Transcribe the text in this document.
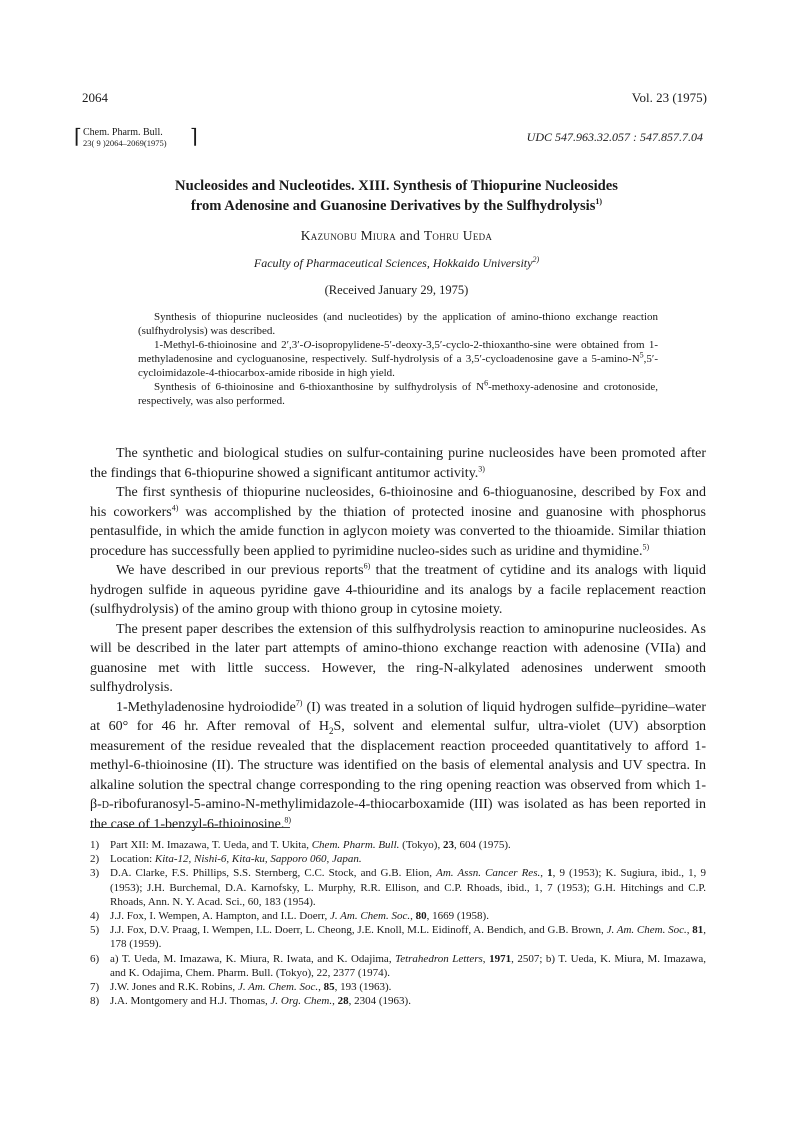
2064	Vol. 23 (1975)
⌈ Chem. Pharm. Bull.
23( 9 )2064–2069(1975) ⌉	UDC 547.963.32.057 : 547.857.7.04
Nucleosides and Nucleotides. XIII. Synthesis of Thiopurine Nucleosides
from Adenosine and Guanosine Derivatives by the Sulfhydrolysis$^{1)}$
Kazunobu Miura and Tohru Ueda
Faculty of Pharmaceutical Sciences, Hokkaido University$^{2)}$
(Received January 29, 1975)

Synthesis of thiopurine nucleosides (and nucleotides) by the application of amino-thiono exchange reaction (sulfhydrolysis) was described.

1-Methyl-6-thioinosine and 2′,3′-O-isopropylidene-5′-deoxy-3,5′-cyclo-2-thioxantho-sine were obtained from 1-methyladenosine and cycloguanosine, respectively. Sulf-hydrolysis of a 3,5′-cycloadenosine gave a $5-amino-N^5,5'-cycloimidazole-4-thiocarbox$-amide riboside in high yield.

Synthesis of 6-thioinosine and 6-thioxanthosine by sulfhydrolysis of $N^6-methoxy$-adenosine and crotonoside, respectively, was also performed.

The synthetic and biological studies on sulfur-containing purine nucleosides have been promoted after the findings that 6-thiopurine showed a significant antitumor activity.$^{3)}$

The first synthesis of thiopurine nucleosides, 6-thioinosine and 6-thioguanosine, described by Fox and his coworkers$^{4)}$ was accomplished by the thiation of protected inosine and guanosine with phosphorus pentasulfide, in which the amide function in aglycon moiety was converted to the thioamide. Similar thiation procedure has successfully been applied to pyrimidine nucleo-sides such as uridine and thymidine.$^{5)}$

We have described in our previous reports$^{6)}$ that the treatment of cytidine and its analogs with liquid hydrogen sulfide in aqueous pyridine gave 4-thiouridine and its analogs by a facile replacement reaction (sulfhydrolysis) of the amino group with thiono group in cytosine moiety.

The present paper describes the extension of this sulfhydrolysis reaction to aminopurine nucleosides. As will be described in the later part attempts of amino-thiono exchange reaction with adenosine (VIIa) and guanosine met with little success. However, the ring-N-alkylated adenosines underwent smooth sulfhydrolysis.

1-Methyladenosine hydroiodide$^{7)}$ (I) was treated in a solution of liquid hydrogen sulfide–pyridine–water at 60° for 46 hr. After removal of $H_2S$, solvent and elemental sulfur, ultra-violet (UV) absorption measurement of the residue revealed that the displacement reaction proceeded quantitatively to afford 1-methyl-6-thioinosine (II). The structure was identified on the basis of elemental analysis and UV spectra. In alkaline solution the spectral change corresponding to the ring opening reaction was observed from which 1-β-d-ribofuranosyl-5-amino-N-methylimidazole-4-thiocarboxamide (III) was isolated as has been reported in the case of 1-benzyl-6-thioinosine.$^{8)}$

1) Part XII: M. Imazawa, T. Ueda, and T. Ukita, Chem. Pharm. Bull. (Tokyo), 23, 604 (1975).
2) Location: Kita-12, Nishi-6, Kita-ku, Sapporo 060, Japan.
3) D.A. Clarke, F.S. Phillips, S.S. Sternberg, C.C. Stock, and G.B. Elion, Am. Assn. Cancer Res., 1, 9 (1953); K. Sugiura, ibid., 1, 9 (1953); J.H. Burchemal, D.A. Karnofsky, L. Murphy, R.R. Ellison, and C.P. Rhoads, ibid., 1, 7 (1953); G.H. Hitchings and C.P. Rhoads, Ann. N. Y. Acad. Sci., 60, 183 (1954).
4) J.J. Fox, I. Wempen, A. Hampton, and I.L. Doerr, J. Am. Chem. Soc., 80, 1669 (1958).
5) J.J. Fox, D.V. Praag, I. Wempen, I.L. Doerr, L. Cheong, J.E. Knoll, M.L. Eidinoff, A. Bendich, and G.B. Brown, J. Am. Chem. Soc., 81, 178 (1959).
6) a) T. Ueda, M. Imazawa, K. Miura, R. Iwata, and K. Odajima, Tetrahedron Letters, 1971, 2507; b) T. Ueda, K. Miura, M. Imazawa, and K. Odajima, Chem. Pharm. Bull. (Tokyo), 22, 2377 (1974).
7) J.W. Jones and R.K. Robins, J. Am. Chem. Soc., 85, 193 (1963).
8) J.A. Montgomery and H.J. Thomas, J. Org. Chem., 28, 2304 (1963).
